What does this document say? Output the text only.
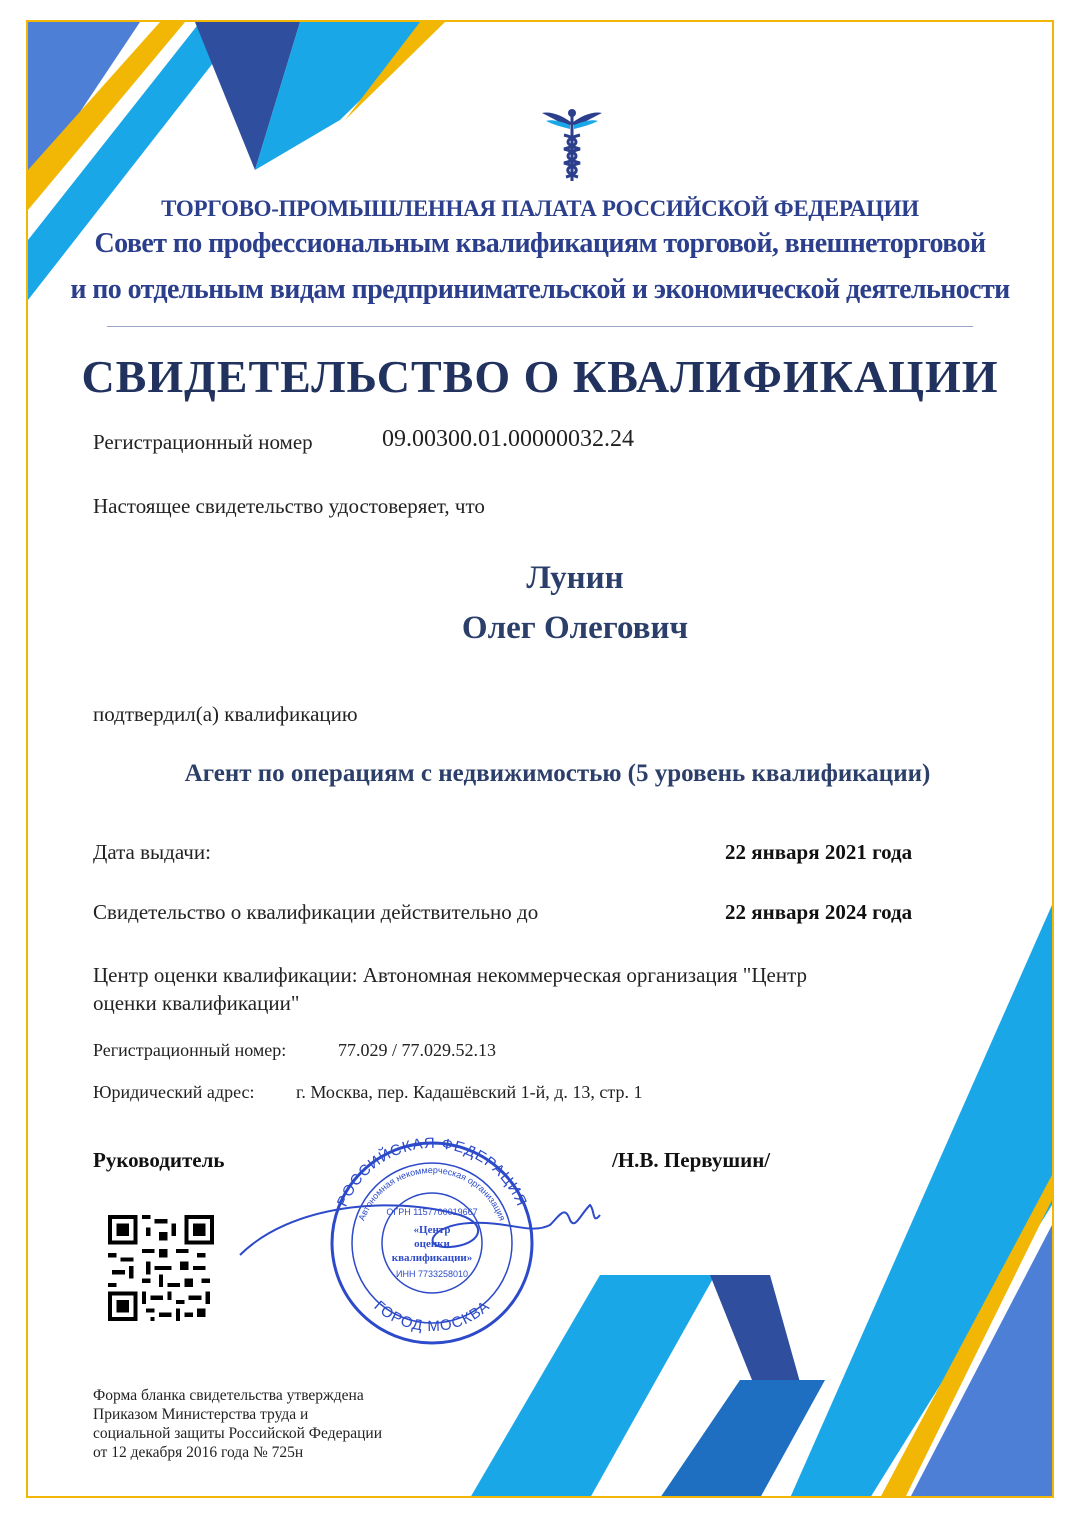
ТОРГОВО-ПРОМЫШЛЕННАЯ ПАЛАТА РОССИЙСКОЙ ФЕДЕРАЦИИ
Совет по профессиональным квалификациям торговой, внешнеторговой
и по отдельным видам предпринимательской и экономической деятельности
СВИДЕТЕЛЬСТВО О КВАЛИФИКАЦИИ
Регистрационный номер	09.00300.01.00000032.24
Настоящее свидетельство удостоверяет, что
Лунин
Олег Олегович
подтвердил(а) квалификацию
Агент по операциям с недвижимостью (5 уровень квалификации)
Дата выдачи:	22 января 2021 года
Свидетельство о квалификации действительно до	22 января 2024 года
Центр оценки квалификации: Автономная некоммерческая организация "Центр
оценки квалификации"
Регистрационный номер:	77.029 / 77.029.52.13
Юридический адрес: г. Москва, пер. Кадашёвский 1-й, д. 13, стр. 1
Руководитель	/Н.В. Первушин/
РОССИЙСКАЯ ФЕДЕРАЦИЯ
ГОРОД МОСКВА
Автономная некоммерческая организация
ОГРН 1157700019667
ИНН 7733258010
«Центр
оценки
квалификации»
Форма бланка свидетельства утверждена
Приказом Министерства труда и
социальной защиты Российской Федерации
от 12 декабря 2016 года № 725н
